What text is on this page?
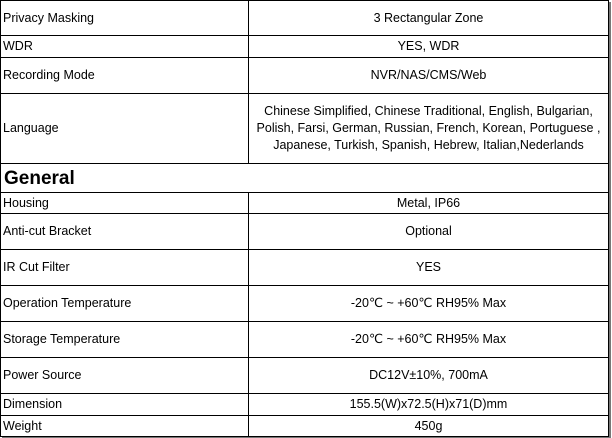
Privacy Masking	3 Rectangular Zone
WDR	YES, WDR
Recording Mode	NVR/NAS/CMS/Web
Language	Chinese Simplified, Chinese Traditional, English, Bulgarian, Polish, Farsi, German, Russian, French, Korean, Portuguese , Japanese, Turkish, Spanish, Hebrew, Italian,Nederlands
General	
Housing	Metal, IP66
Anti-cut Bracket	Optional
IR Cut Filter	YES
Operation Temperature	-20℃ ~ +60℃ RH95% Max
Storage Temperature	-20℃ ~ +60℃ RH95% Max
Power Source	DC12V±10%, 700mA
Dimension	155.5(W)x72.5(H)x71(D)mm
Weight	450g
